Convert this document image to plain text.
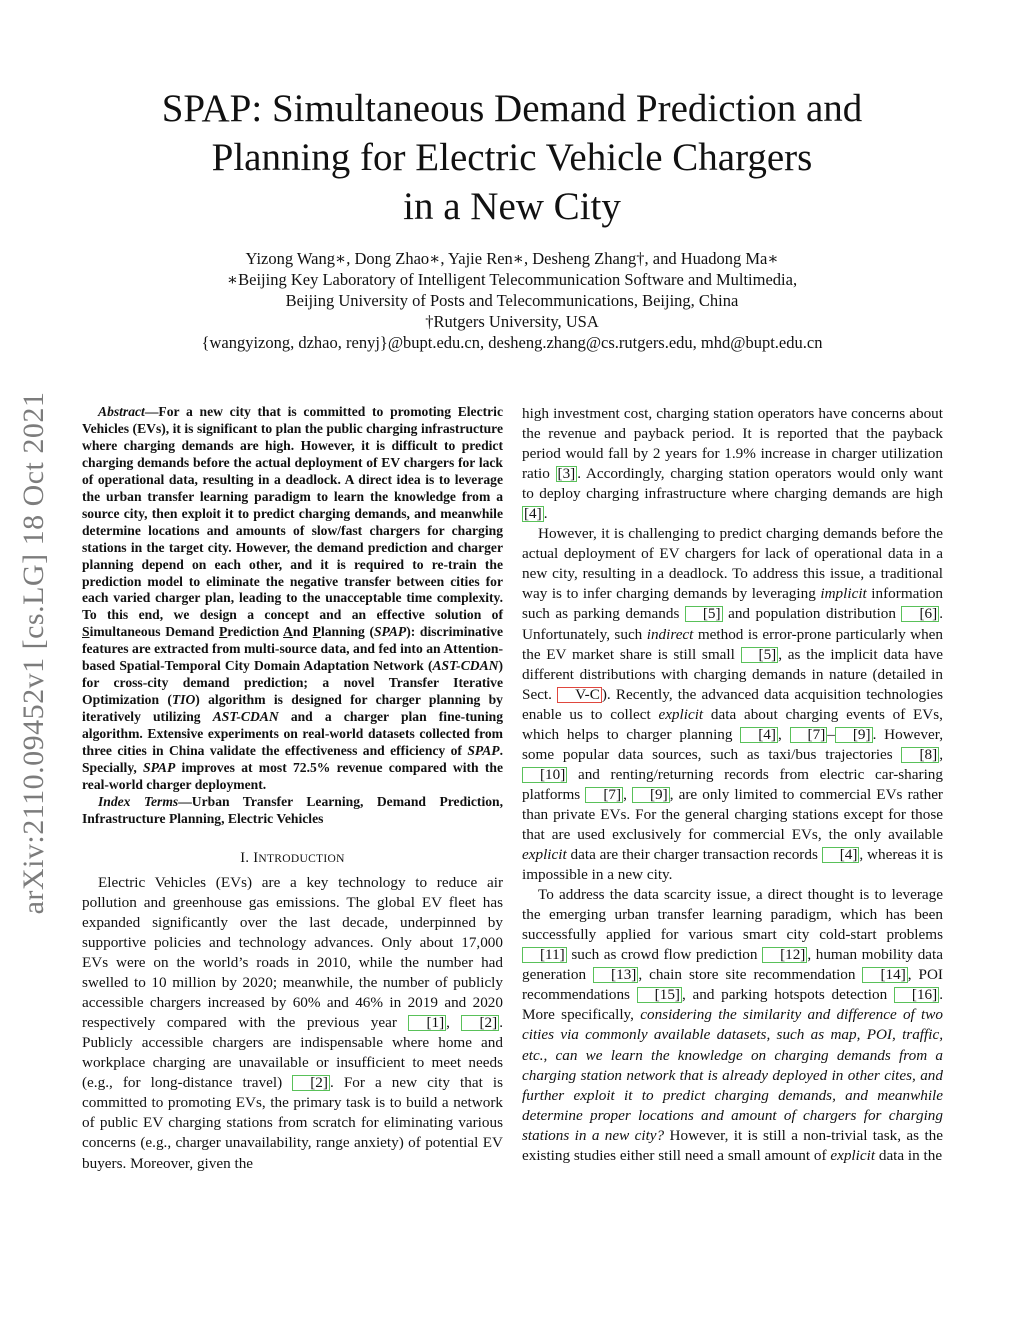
arXiv:2110.09452v1 [cs.LG] 18 Oct 2021
SPAP: Simultaneous Demand Prediction and
Planning for Electric Vehicle Chargers
in a New City
Yizong Wang∗, Dong Zhao∗, Yajie Ren∗, Desheng Zhang†, and Huadong Ma∗
∗Beijing Key Laboratory of Intelligent Telecommunication Software and Multimedia,
Beijing University of Posts and Telecommunications, Beijing, China
†Rutgers University, USA
{wangyizong, dzhao, renyj}@bupt.edu.cn, desheng.zhang@cs.rutgers.edu, mhd@bupt.edu.cn

Abstract—For a new city that is committed to promoting Electric Vehicles (EVs), it is significant to plan the public charging infrastructure where charging demands are high. However, it is difficult to predict charging demands before the actual deployment of EV chargers for lack of operational data, resulting in a deadlock. A direct idea is to leverage the urban transfer learning paradigm to learn the knowledge from a source city, then exploit it to predict charging demands, and meanwhile determine locations and amounts of slow/fast chargers for charging stations in the target city. However, the demand prediction and charger planning depend on each other, and it is required to re-train the prediction model to eliminate the negative transfer between cities for each varied charger plan, leading to the unacceptable time complexity. To this end, we design a concept and an effective solution of Simultaneous Demand Prediction And Planning (SPAP): discriminative features are extracted from multi-source data, and fed into an Attention-based Spatial-Temporal City Domain Adaptation Network (AST-CDAN) for cross-city demand prediction; a novel Transfer Iterative Optimization (TIO) algorithm is designed for charger planning by iteratively utilizing AST-CDAN and a charger plan fine-tuning algorithm. Extensive experiments on real-world datasets collected from three cities in China validate the effectiveness and efficiency of SPAP. Specially, SPAP improves at most 72.5% revenue compared with the real-world charger deployment.

Index Terms—Urban Transfer Learning, Demand Prediction, Infrastructure Planning, Electric Vehicles

I. INTRODUCTION

Electric Vehicles (EVs) are a key technology to reduce air pollution and greenhouse gas emissions. The global EV fleet has expanded significantly over the last decade, underpinned by supportive policies and technology advances. Only about 17,000 EVs were on the world’s roads in 2010, while the number had swelled to 10 million by 2020; meanwhile, the number of publicly accessible chargers increased by 60% and 46% in 2019 and 2020 respectively compared with the previous year [1] , [2] . Publicly accessible chargers are indispensable where home and workplace charging are unavailable or insufficient to meet needs (e.g., for long-distance travel) [2] . For a new city that is committed to promoting EVs, the primary task is to build a network of public EV charging stations from scratch for eliminating various concerns (e.g., charger unavailability, range anxiety) of potential EV buyers. Moreover, given the

high investment cost, charging station operators have concerns about the revenue and payback period. It is reported that the payback period would fall by 2 years for 1.9% increase in charger utilization ratio [3] . Accordingly, charging station operators would only want to deploy charging infrastructure where charging demands are high [4] .

However, it is challenging to predict charging demands before the actual deployment of EV chargers for lack of operational data in a new city, resulting in a deadlock. To address this issue, a traditional way is to infer charging demands by leveraging implicit information such as parking demands [5] and population distribution [6] . Unfortunately, such indirect method is error-prone particularly when the EV market share is still small [5] , as the implicit data have different distributions with charging demands in nature (detailed in Sect. V-C ). Recently, the advanced data acquisition technologies enable us to collect explicit data about charging events of EVs, which helps to charger planning [4] , [7] – [9] . However, some popular data sources, such as taxi/bus trajectories [8] , [10] and renting/returning records from electric car-sharing platforms [7] , [9] , are only limited to commercial EVs rather than private EVs. For the general charging stations except for those that are used exclusively for commercial EVs, the only available explicit data are their charger transaction records [4] , whereas it is impossible in a new city.

To address the data scarcity issue, a direct thought is to leverage the emerging urban transfer learning paradigm, which has been successfully applied for various smart city cold-start problems [11] such as crowd flow prediction [12] , human mobility data generation [13] , chain store site recommendation [14] , POI recommendations [15] , and parking hotspots detection [16] . More specifically, considering the similarity and difference of two cities via commonly available datasets, such as map, POI, traffic, etc., can we learn the knowledge on charging demands from a charging station network that is already deployed in other cites, and further exploit it to predict charging demands, and meanwhile determine proper locations and amount of chargers for charging stations in a new city? However, it is still a non-trivial task, as the existing studies either still need a small amount of explicit data in the
